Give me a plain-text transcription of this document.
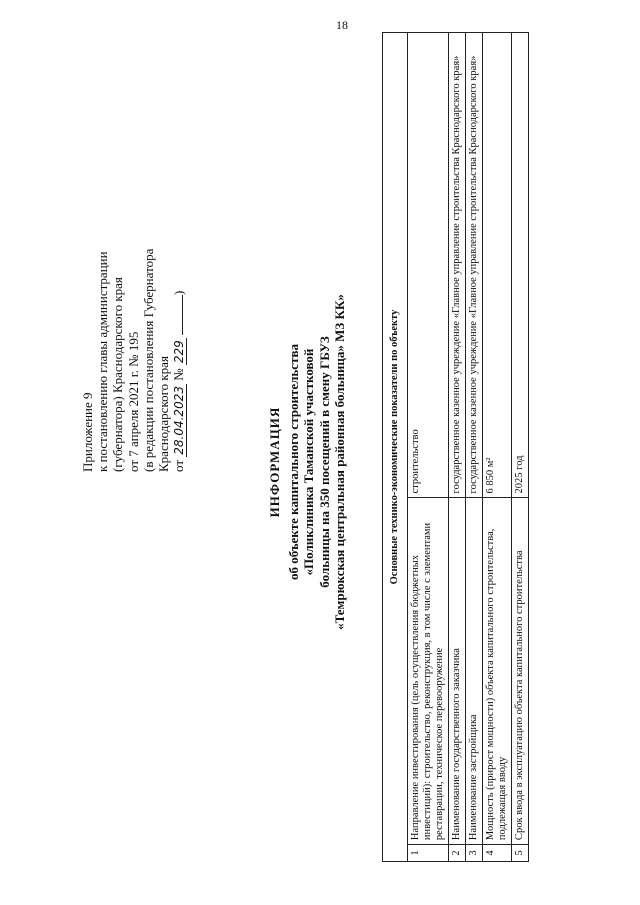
18
Приложение 9 к постановлению главы администрации (губернатора) Краснодарского края от 7 апреля 2021 г. № 195 (в редакции постановления Губернатора Краснодарского края от 28.04.2023 № 229 )
ИНФОРМАЦИЯ об объекте капитального строительства «Поликлиника Таманской участковой больницы на 350 посещений в смену ГБУЗ «Темрюкская центральная районная больница» МЗ КК»	Основные технико-экономические показатели по объекту		
1	Направление инвестирования (цель осуществления бюджетных инвестиций): строительство, реконструкция, в том числе с элементами реставрации, техническое перевооружение	строительство
2	Наименование государственного заказчика	государственное казенное учреждение «Главное управление строительства Краснодарского края»
3	Наименование застройщика	государственное казенное учреждение «Главное управление строительства Краснодарского края»
4	Мощность (прирост мощности) объекта капитального строительства, подлежащая вводу	6 850 м²
5	Срок ввода в эксплуатацию объекта капитального строительства	2025 год
